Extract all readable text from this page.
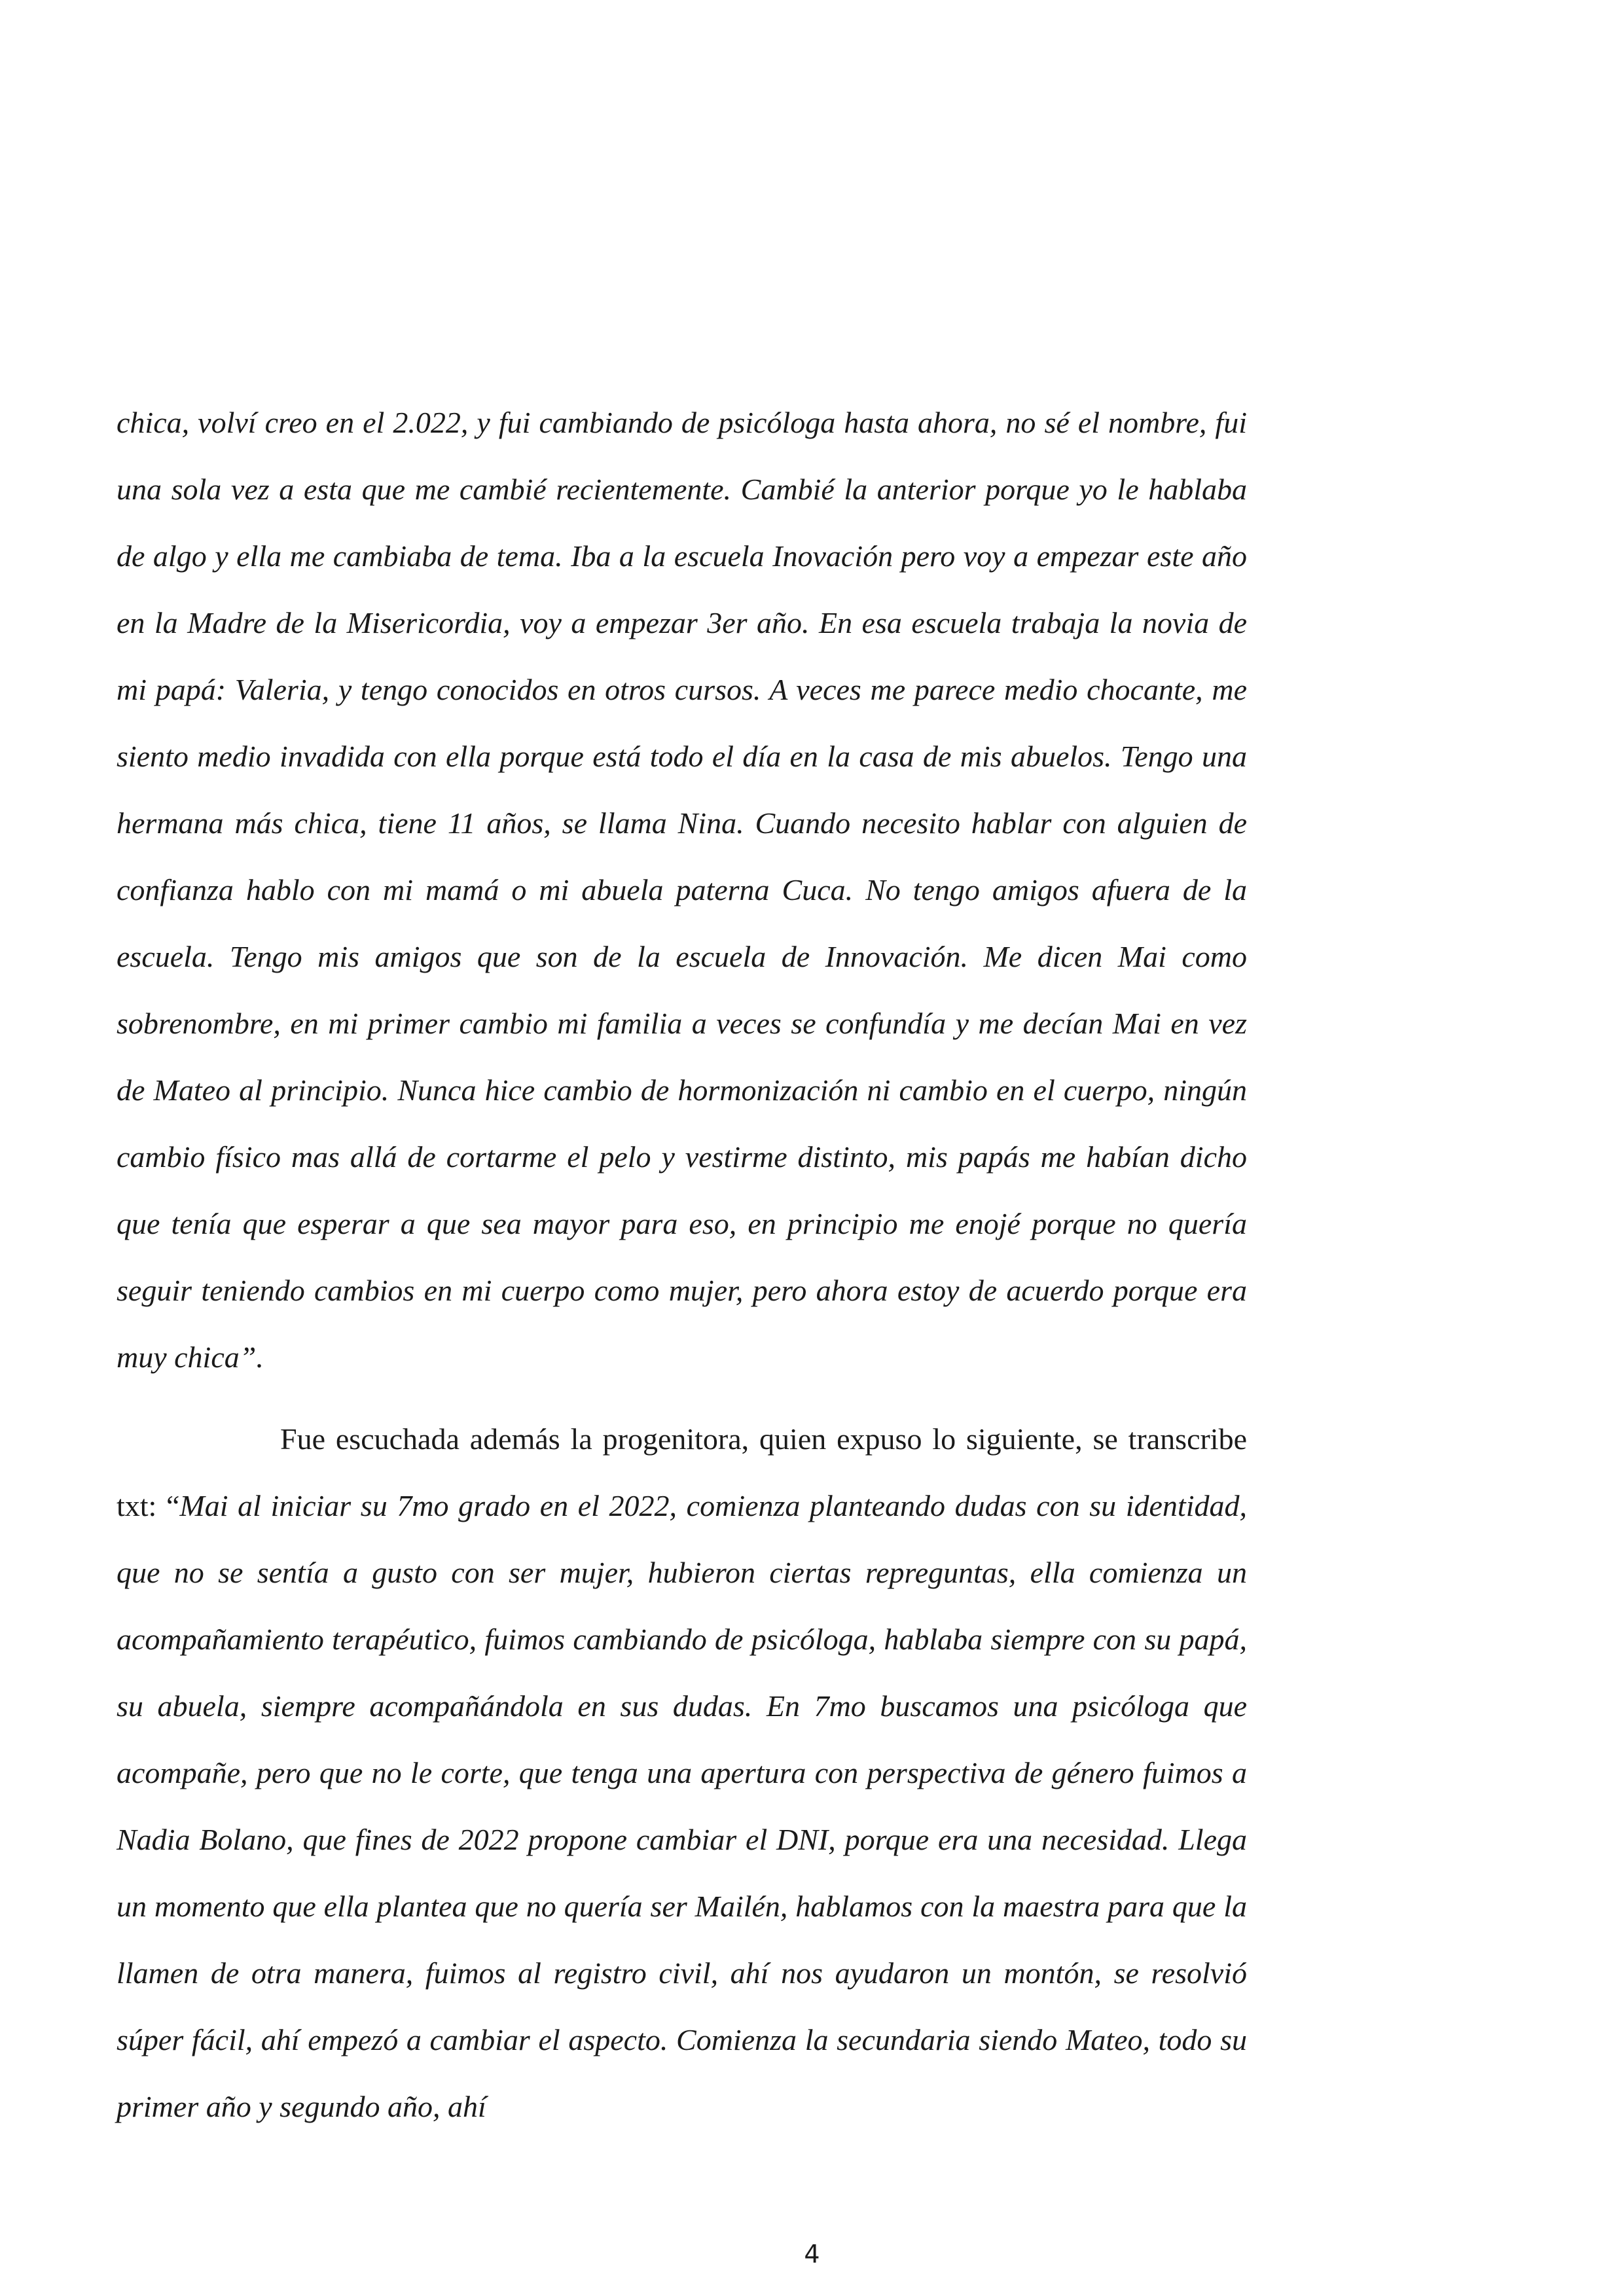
chica, volví creo en el 2.022, y fui cambiando de psicóloga hasta ahora, no sé el nombre, fui una sola vez a esta que me cambié recientemente. Cambié la anterior porque yo le hablaba de algo y ella me cambiaba de tema. Iba a la escuela Inovación pero voy a empezar este año en la Madre de la Misericordia, voy a empezar 3er año. En esa escuela trabaja la novia de mi papá: Valeria, y tengo conocidos en otros cursos. A veces me parece medio chocante, me siento medio invadida con ella porque está todo el día en la casa de mis abuelos. Tengo una hermana más chica, tiene 11 años, se llama Nina. Cuando necesito hablar con alguien de confianza hablo con mi mamá o mi abuela paterna Cuca. No tengo amigos afuera de la escuela. Tengo mis amigos que son de la escuela de Innovación. Me dicen Mai como sobrenombre, en mi primer cambio mi familia a veces se confundía y me decían Mai en vez de Mateo al principio. Nunca hice cambio de hormonización ni cambio en el cuerpo, ningún cambio físico mas allá de cortarme el pelo y vestirme distinto, mis papás me habían dicho que tenía que esperar a que sea mayor para eso, en principio me enojé porque no quería seguir teniendo cambios en mi cuerpo como mujer, pero ahora estoy de acuerdo porque era muy chica”.

Fue escuchada además la progenitora, quien expuso lo siguiente, se transcribe txt: “Mai al iniciar su 7mo grado en el 2022, comienza planteando dudas con su identidad, que no se sentía a gusto con ser mujer, hubieron ciertas repreguntas, ella comienza un acompañamiento terapéutico, fuimos cambiando de psicóloga, hablaba siempre con su papá, su abuela, siempre acompañándola en sus dudas. En 7mo buscamos una psicóloga que acompañe, pero que no le corte, que tenga una apertura con perspectiva de género fuimos a Nadia Bolano, que fines de 2022 propone cambiar el DNI, porque era una necesidad. Llega un momento que ella plantea que no quería ser Mailén, hablamos con la maestra para que la llamen de otra manera, fuimos al registro civil, ahí nos ayudaron un montón, se resolvió súper fácil, ahí empezó a cambiar el aspecto. Comienza la secundaria siendo Mateo, todo su primer año y segundo año, ahí

4
